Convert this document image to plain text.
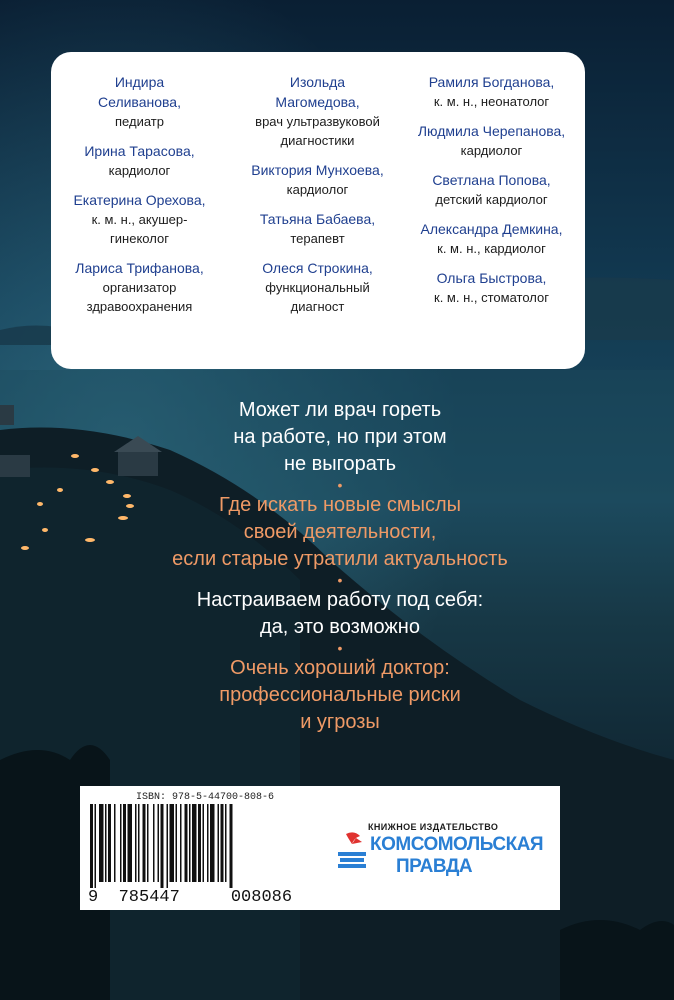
Индира Селиванова,
педиатр
Ирина Тарасова,
кардиолог
Екатерина Орехова,
к. м. н., акушер-гинеколог
Лариса Трифанова,
организатор здравоохранения
Изольда Магомедова,
врач ультразвуковой диагностики
Виктория Мунхоева,
кардиолог
Татьяна Бабаева,
терапевт
Олеся Строкина,
функциональный диагност
Рамиля Богданова,
к. м. н., неонатолог
Людмила Черепанова,
кардиолог
Светлана Попова,
детский кардиолог
Александра Демкина,
к. м. н., кардиолог
Ольга Быстрова,
к. м. н., стоматолог
Может ли врач гореть
на работе, но при этом
не выгорать
•
Где искать новые смыслы
своей деятельности,
если старые утратили актуальность
•
Настраиваем работу под себя:
да, это возможно
•
Очень хороший доктор:
профессиональные риски
и угрозы
ISBN: 978-5-44700-808-6
9 785447	008086
КНИЖНОЕ ИЗДАТЕЛЬСТВО
КОМСОМОЛЬСКАЯ
ПРАВДА
